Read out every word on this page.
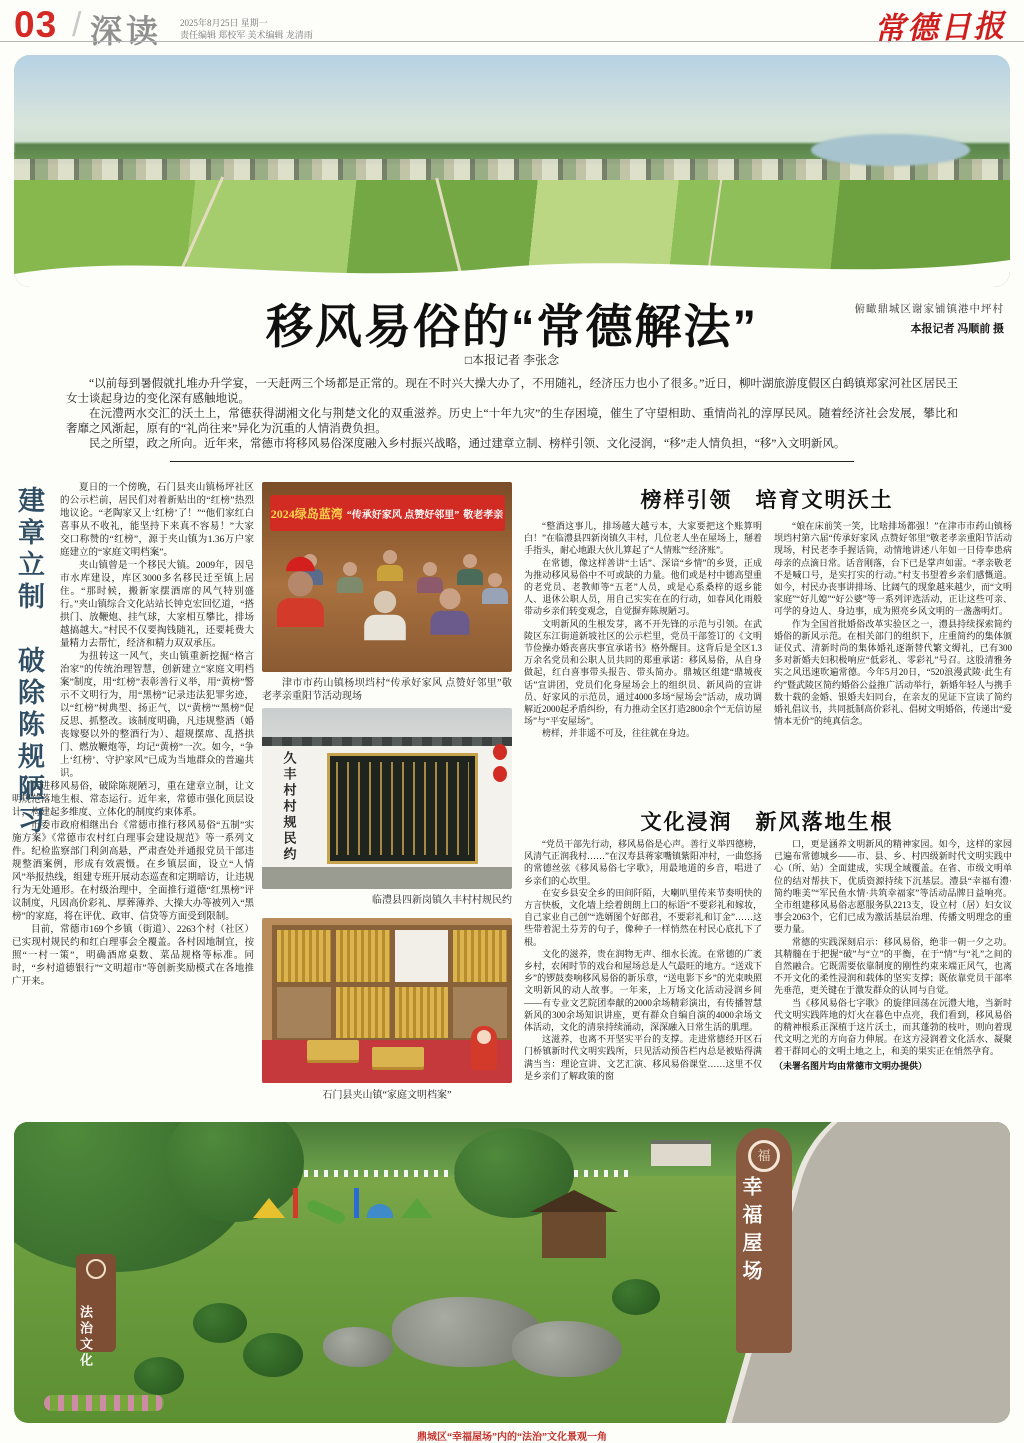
03 / 深读 2025年8月25日 星期一
责任编辑 郑校军 美术编辑 龙清雨	常德日报
俯瞰鼎城区谢家铺镇港中坪村
本报记者 冯顺前 摄
移风易俗的“常德解法”
□本报记者 李张念

“以前每到暑假就扎堆办升学宴，一天赶两三个场都是正常的。现在不时兴大操大办了，不用随礼，经济压力也小了很多。”近日，柳叶湖旅游度假区白鹤镇郑家河社区居民王女士谈起身边的变化深有感触地说。

在沅澧两水交汇的沃土上，常德获得湖湘文化与荆楚文化的双重滋养。历史上“十年九灾”的生存困境，催生了守望相助、重情尚礼的淳厚民风。随着经济社会发展，攀比和奢靡之风渐起，原有的“礼尚往来”异化为沉重的人情消费负担。

民之所望，政之所向。近年来，常德市将移风易俗深度融入乡村振兴战略，通过建章立制、榜样引领、文化浸润，“移”走人情负担，“移”入文明新风。

建章立制　破除陈规陋习	夏日的一个傍晚，石门县夹山镇杨坪社区的公示栏前，居民们对着新贴出的“红榜”热烈地议论。“老陶家又上‘红榜’了！”“他们家红白喜事从不收礼，能坚持下来真不容易！”大家交口称赞的“红榜”，源于夹山镇为1.36万户家庭建立的“家庭文明档案”。

夹山镇曾是一个移民大镇。2009年，因皂市水库建设，库区3000多名移民迁至镇上居住。“那时候，搬新家摆酒席的风气特别盛行。”夹山镇综合文化站站长钟克宏回忆道，“搭拱门、放鞭炮、挂气球，大家相互攀比，排场越搞越大。”村民不仅要掏钱随礼，还要耗费大量精力去帮忙，经济和精力双双承压。

为扭转这一风气，夹山镇重新挖掘“格言治家”的传统治理智慧，创新建立“家庭文明档案”制度，用“红榜”表彰善行义举，用“黄榜”警示不文明行为，用“黑榜”记录违法犯罪劣迹，以“红榜”树典型、扬正气，以“黄榜”“黑榜”促反思、抓整改。该制度明确，凡违规整酒（婚丧嫁娶以外的整酒行为）、超规摆席、乱搭拱门、燃放鞭炮等，均记“黄榜”一次。如今，“争上‘红榜’、守护家风”已成为当地群众的普遍共识。

推进移风易俗，破除陈规陋习，重在建章立制，让文明规范落地生根、常态运行。近年来，常德市强化顶层设计，构建起多维度、立体化的制度约束体系。

市委市政府相继出台《常德市推行移风易俗“五制”实施方案》《常德市农村红白理事会建设规范》等一系列文件。纪检监察部门利剑高悬，严肃查处并通报党员干部违规整酒案例，形成有效震慑。在乡镇层面，设立“人情风”举报热线，组建专班开展动态巡查和定期暗访，让违规行为无处遁形。在村级治理中，全面推行道德“红黑榜”评议制度，凡因高价彩礼、厚葬薄养、大操大办等被列入“黑榜”的家庭，将在评优、政审、信贷等方面受到限制。

目前，常德市169个乡镇（街道）、2263个村（社区）已实现村规民约和红白理事会全覆盖。各村因地制宜，按照“一村一策”，明确酒席桌数、菜品规格等标准。同时，“乡村道德银行”“文明超市”等创新奖励模式在各地推广开来。

2024绿岛蓝湾 “传承好家风 点赞好邻里” 敬老孝亲
津市市药山镇杨坝垱村“传承好家风 点赞好邻里”敬老孝亲重阳节活动现场
久丰村村规民约
临澧县四新岗镇久丰村村规民约
石门县夹山镇“家庭文明档案”
榜样引领　培育文明沃土

“整酒这事儿，排场越大越亏本，大家要把这个账算明白！”在临澧县四新岗镇久丰村，几位老人坐在屋场上，掰着手指头，耐心地跟大伙儿算起了“人情账”“经济账”。

在常德，像这样善讲“土话”、深谙“乡情”的乡贤，正成为推动移风易俗中不可或缺的力量。他们或是村中德高望重的老党员、老教师等“五老”人员，或是心系桑梓的返乡能人、退休公职人员，用自己实实在在的行动，如春风化雨般带动乡亲们转变观念，自觉摒弃陈规陋习。

文明新风的生根发芽，离不开先锋的示范与引领。在武陵区东江街道新坡社区的公示栏里，党员干部签订的《文明节俭操办婚丧喜庆事宜承诺书》格外醒目。这背后是全区1.3万余名党员和公职人员共同的郑重承诺：移风易俗，从自身做起，红白喜事带头报告、带头简办。鼎城区组建“鼎城夜话”宣讲团，党员们化身屋场会上的组织员、新风尚的宣讲员、好家风的示范员，通过4000多场“屋场会”活动，成功调解近2000起矛盾纠纷，有力推动全区打造2800余个“无信访屋场”与“平安屋场”。

榜样，并非遥不可及，往往就在身边。

“娘在床前笑一笑，比啥排场都强！”在津市市药山镇杨坝垱村第六届“传承好家风 点赞好邻里”敬老孝亲重阳节活动现场，村民老李手握话筒，动情地讲述八年如一日侍奉患病母亲的点滴日常。话音刚落，台下已是掌声如雷。“孝亲敬老不是喊口号，是实打实的行动。”村支书望着乡亲们感慨道。如今，村民办丧事讲排场、比阔气的现象越来越少，而“文明家庭”“好儿媳”“好公婆”等一系列评选活动，正让这些可亲、可学的身边人、身边事，成为照亮乡风文明的一盏盏明灯。

作为全国首批婚俗改革实验区之一，澧县持续探索简约婚俗的新风示范。在相关部门的组织下，庄重简约的集体颁证仪式、清新时尚的集体婚礼逐渐替代繁文缛礼，已有300多对新婚夫妇积极响应“低彩礼、零彩礼”号召。这股清雅务实之风迅速吹遍常德。今年5月20日，“520浪漫武陵·此生有约”暨武陵区简约婚俗公益推广活动举行，新婚年轻人与携手数十载的金婚、银婚夫妇同台，在亲友的见证下宣读了简约婚礼倡议书，共同抵制高价彩礼、倡树文明婚俗，传递出“爱情本无价”的纯真信念。

文化浸润　新风落地生根

“党员干部先行动，移风易俗是心声。善行义举四德榜，风清气正润我村……”在汉寿县蒋家嘴镇紫阳冲村，一曲悠扬的常德丝弦《移风易俗七字歌》，用最地道的乡音，唱进了乡亲们的心坎里。

在安乡县安全乡的田间阡陌，大喇叭里传来节奏明快的方言快板，文化墙上绘着朗朗上口的标语“不要彩礼和嫁妆，自己家业自己创”“选婿图个好郎君，不要彩礼和订金”……这些带着泥土芬芳的句子，像种子一样悄然在村民心底扎下了根。

文化的滋养，贵在润物无声、细水长流。在常德的广袤乡村，农闲时节的戏台和屋场总是人气最旺的地方。“送戏下乡”的锣鼓奏响移风易俗的新乐章，“送电影下乡”的光束映照文明新风的动人故事。一年来，上万场文化活动浸润乡间——有专业文艺院团奉献的2000余场精彩演出，有传播智慧新风的300余场知识讲座，更有群众自编自演的4000余场文体活动，文化的清泉持续涌动，深深融入日常生活的肌理。

这滋养，也离不开坚实平台的支撑。走进常德经开区石门桥镇新时代文明实践所，只见活动预告栏内总是被贴得满满当当：理论宣讲、文艺汇演、移风易俗课堂……这里不仅是乡亲们了解政策的窗

口，更是涵养文明新风的精神家园。如今，这样的家园已遍布常德城乡——市、县、乡、村四级新时代文明实践中心（所、站）全面建成，实现全域覆盖。在省、市级文明单位的结对帮扶下，优质资源持续下沉基层。澧县“幸福有澧·简约唯美”“军民鱼水情·共筑幸福家”等活动品牌日益响亮。全市组建移风易俗志愿服务队2213支，设立村（居）妇女议事会2063个，它们已成为激活基层治理、传播文明理念的重要力量。

常德的实践深刻启示：移风易俗，绝非一朝一夕之功。其精髓在于把握“破”与“立”的平衡，在于“情”与“礼”之间的自然融合。它既需要依靠制度的刚性约束来端正风气，也离不开文化的柔性浸润和载体的坚实支撑；既依靠党员干部率先垂范，更关键在于激发群众的认同与自觉。

当《移风易俗七字歌》的旋律回荡在沅澧大地，当新时代文明实践阵地的灯火在暮色中点亮，我们看到，移风易俗的精神根系正深植于这片沃土，而其蓬勃的枝叶，则向着现代文明之光的方向奋力伸展。在这方浸润着文化活水、凝聚着干群同心的文明土地之上，和美的果实正在悄然孕育。

（未署名图片均由常德市文明办提供）

法治文化
福
幸福屋场
鼎城区“幸福屋场”内的“法治”文化景观一角
